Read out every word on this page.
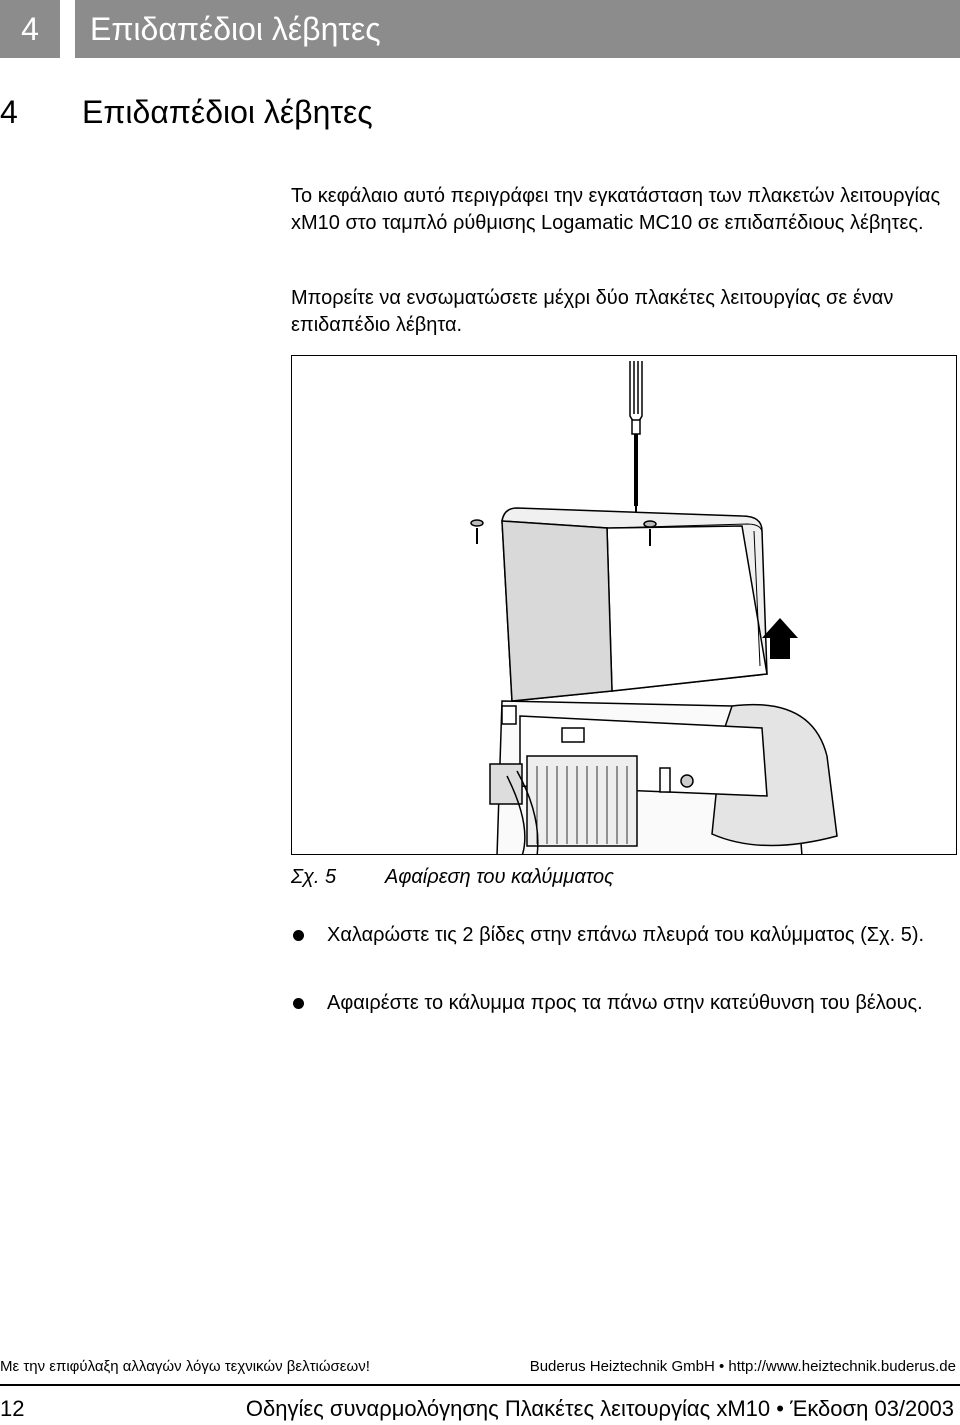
4	Επιδαπέδιοι λέβητες
4 Επιδαπέδιοι λέβητες
Το κεφάλαιο αυτό περιγράφει την εγκατάσταση των πλακετών λειτουργίας xM10 στο ταμπλό ρύθμισης Logamatic MC10 σε επιδαπέδιους λέβητες.
Μπορείτε να ενσωματώσετε μέχρι δύο πλακέτες λειτουργίας σε έναν επιδαπέδιο λέβητα.
Σχ. 5 Αφαίρεση του καλύμματος
Χαλαρώστε τις 2 βίδες στην επάνω πλευρά του καλύμματος (Σχ. 5).
Αφαιρέστε το κάλυμμα προς τα πάνω στην κατεύθυνση του βέλους.
Με την επιφύλαξη αλλαγών λόγω τεχνικών βελτιώσεων!	Buderus Heiztechnik GmbH • http://www.heiztechnik.buderus.de
12	Οδηγίες συναρμολόγησης Πλακέτες λειτουργίας xM10 • Έκδοση 03/2003
